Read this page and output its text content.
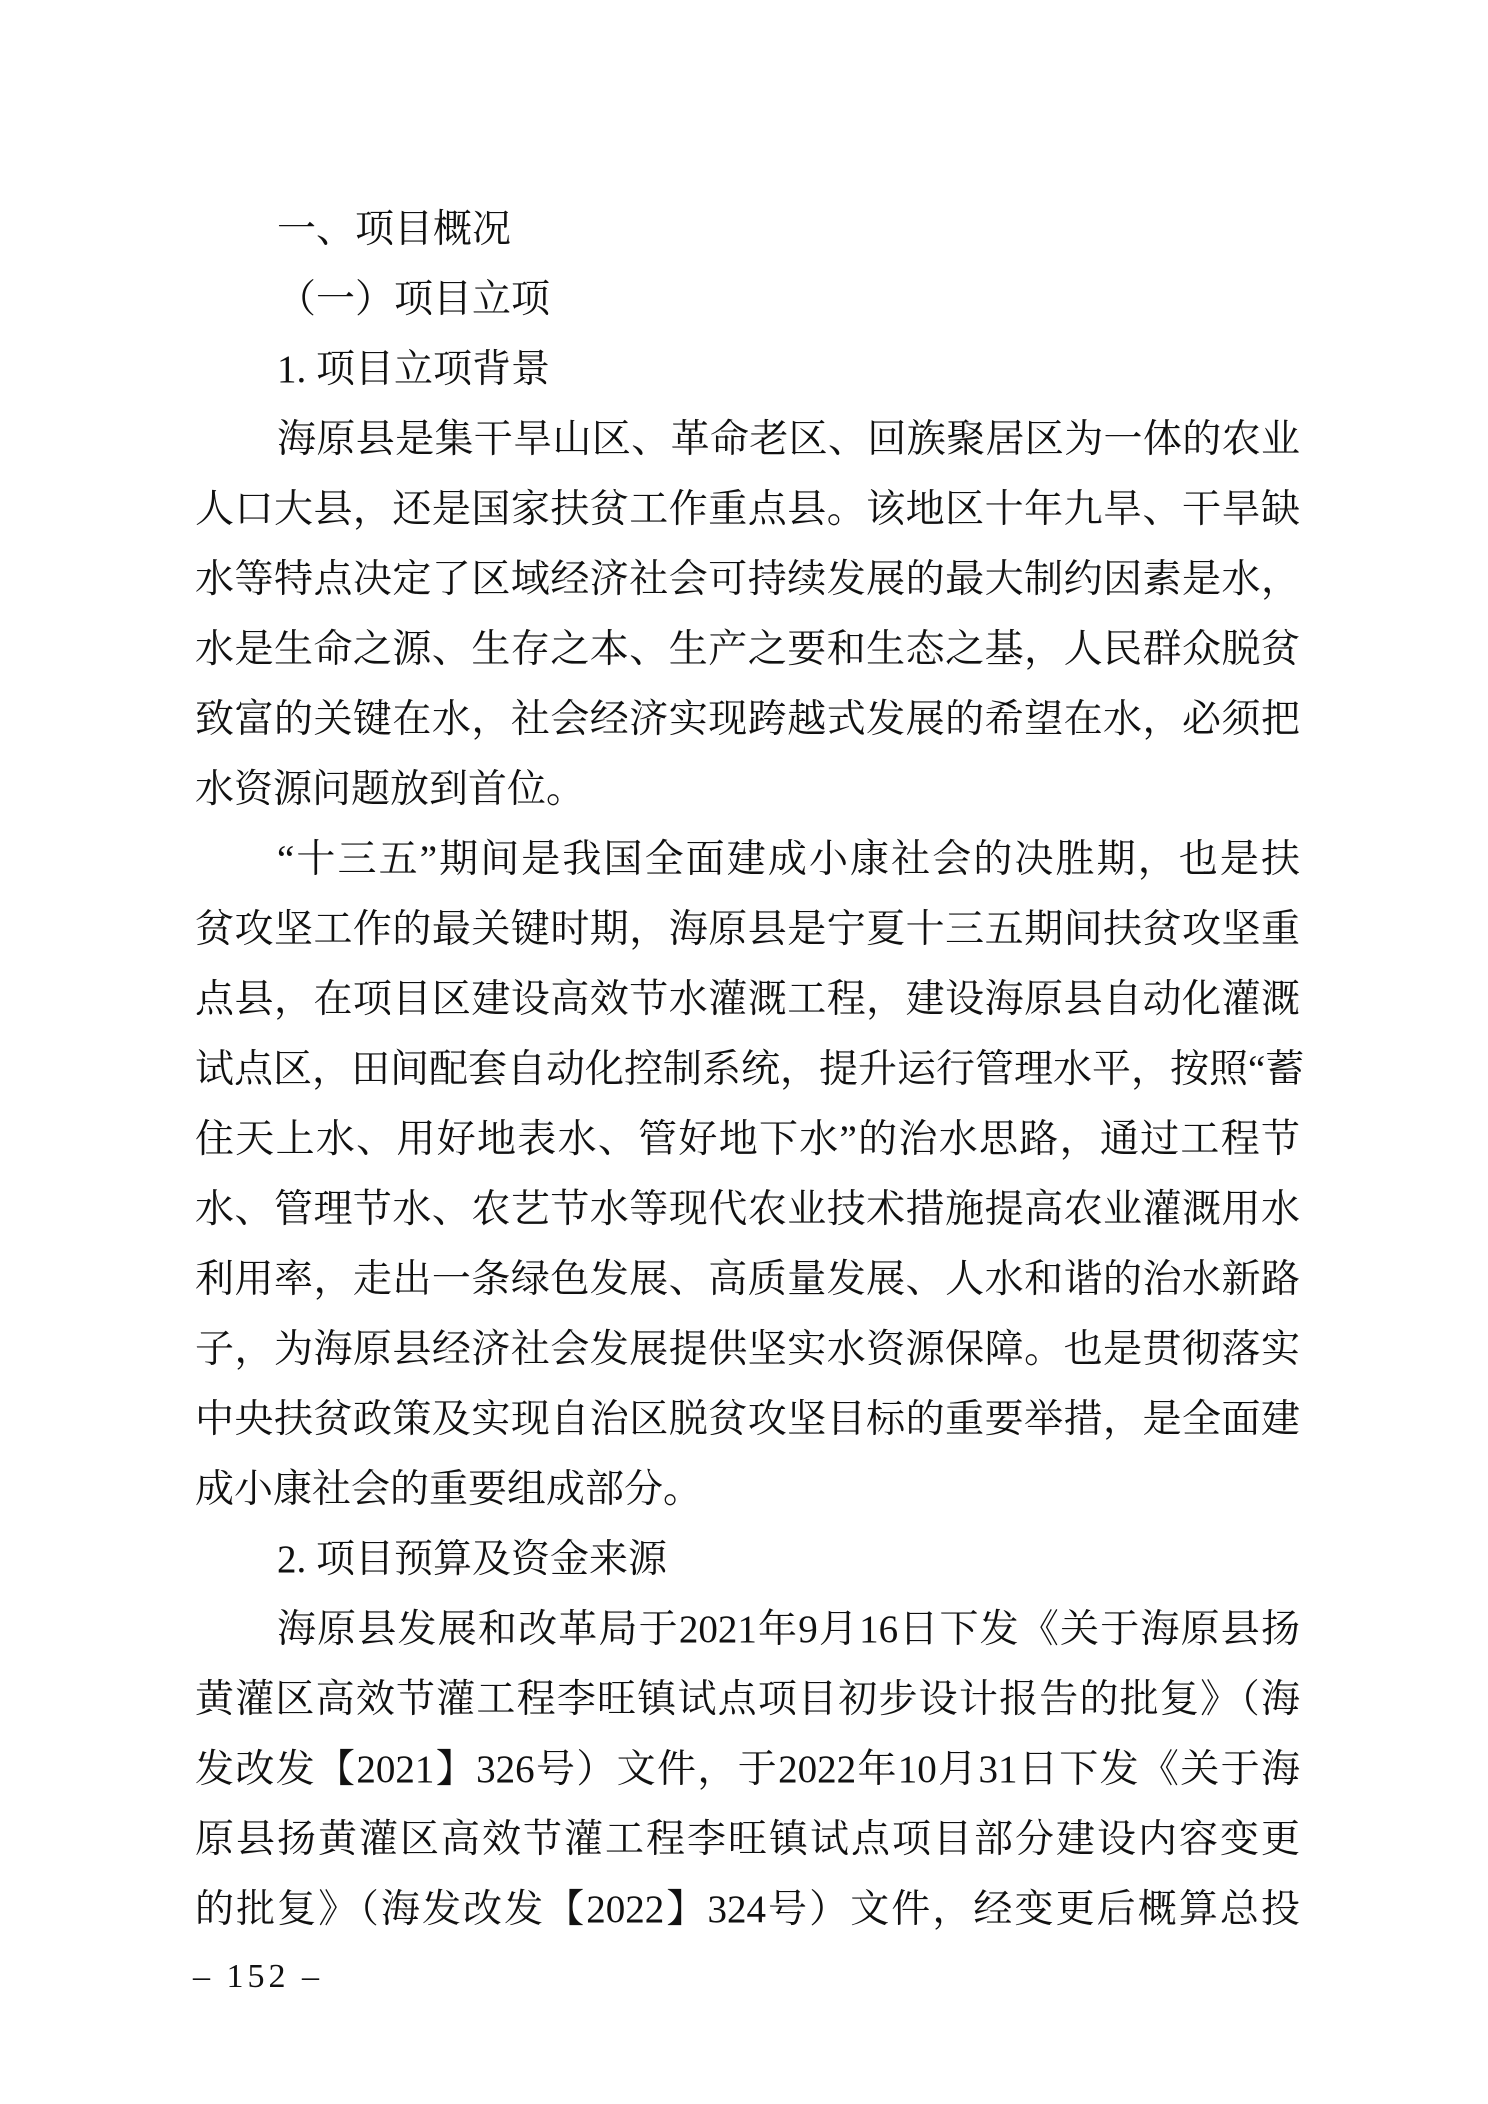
一、项目概况
（一）项目立项
1. 项目立项背景
海原县是集干旱山区、革命老区、回族聚居区为一体的农业
人口大县，还是国家扶贫工作重点县。该地区十年九旱、干旱缺
水等特点决定了区域经济社会可持续发展的最大制约因素是水，
水是生命之源、生存之本、生产之要和生态之基，人民群众脱贫
致富的关键在水，社会经济实现跨越式发展的希望在水，必须把
水资源问题放到首位。
“十三五”期间是我国全面建成小康社会的决胜期，也是扶
贫攻坚工作的最关键时期，海原县是宁夏十三五期间扶贫攻坚重
点县，在项目区建设高效节水灌溉工程，建设海原县自动化灌溉
试点区，田间配套自动化控制系统，提升运行管理水平，按照“蓄
住天上水、用好地表水、管好地下水”的治水思路，通过工程节
水、管理节水、农艺节水等现代农业技术措施提高农业灌溉用水
利用率，走出一条绿色发展、高质量发展、人水和谐的治水新路
子，为海原县经济社会发展提供坚实水资源保障。也是贯彻落实
中央扶贫政策及实现自治区脱贫攻坚目标的重要举措，是全面建
成小康社会的重要组成部分。
2. 项目预算及资金来源
海原县发展和改革局于2021年9月16日下发《关于海原县扬
黄灌区高效节灌工程李旺镇试点项目初步设计报告的批复》（海
发改发【2021】326号）文件，于2022年10月31日下发《关于海
原县扬黄灌区高效节灌工程李旺镇试点项目部分建设内容变更
的批复》（海发改发【2022】324号）文件，经变更后概算总投
– 152 –
